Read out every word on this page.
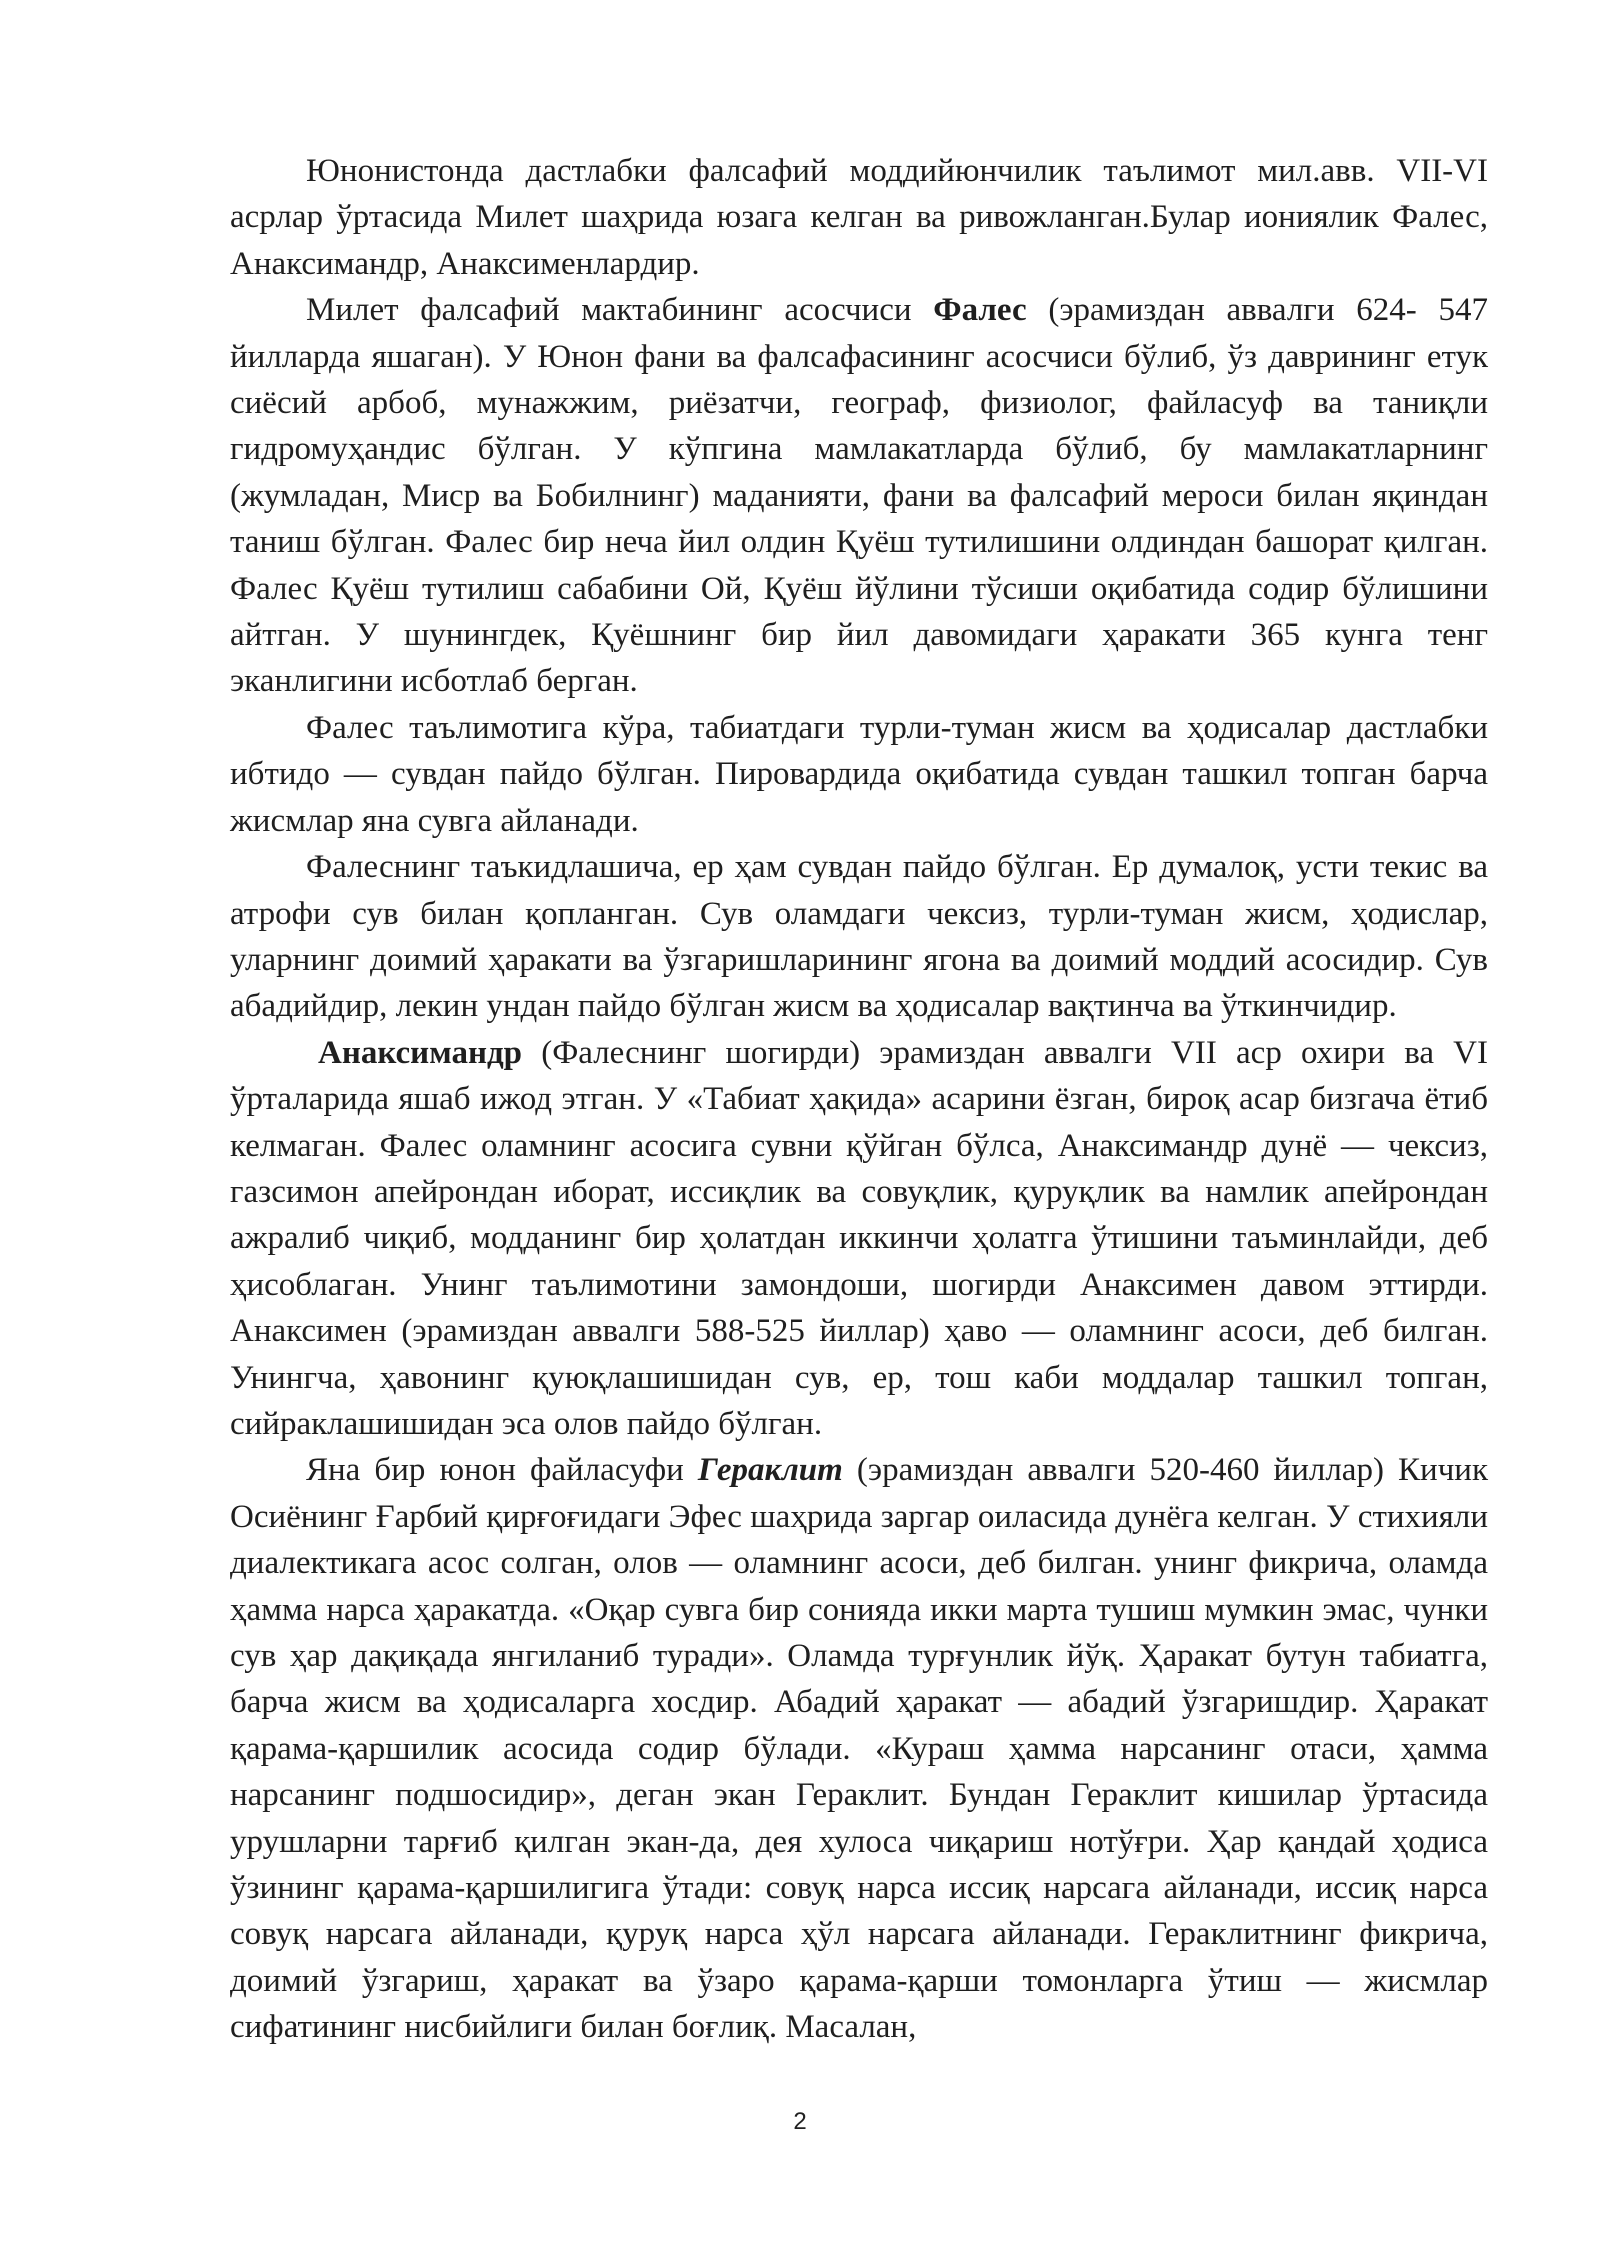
Юнонистонда дастлабки фалсафий моддийюнчилик таълимот мил.авв. VII-VI асрлар ўртасида Милет шаҳрида юзага келган ва ривожланган.Булар иониялик Фалес, Анаксимандр, Анаксименлардир.

Милет фалсафий мактабининг асосчиси Фалес (эрамиздан аввалги 624- 547 йилларда яшаган). У Юнон фани ва фалсафасининг асосчиси бўлиб, ўз даврининг етук сиёсий арбоб, мунажжим, риёзатчи, географ, физиолог, файласуф ва таниқли гидромуҳандис бўлган. У кўпгина мамлакатларда бўлиб, бу мамлакатларнинг (жумладан, Миср ва Бобилнинг) маданияти, фани ва фалсафий мероси билан яқиндан таниш бўлган. Фалес бир неча йил олдин Қуёш тутилишини олдиндан башорат қилган. Фалес Қуёш тутилиш сабабини Ой, Қуёш йўлини тўсиши оқибатида содир бўлишини айтган. У шунингдек, Қуёшнинг бир йил давомидаги ҳаракати 365 кунга тенг эканлигини исботлаб берган.

Фалес таълимотига кўра, табиатдаги турли-туман жисм ва ҳодисалар дастлабки ибтидо — сувдан пайдо бўлган. Пировардида оқибатида сувдан ташкил топган барча жисмлар яна сувга айланади.

Фалеснинг таъкидлашича, ер ҳам сувдан пайдо бўлган. Ер думалоқ, усти текис ва атрофи сув билан қопланган. Сув оламдаги чексиз, турли-туман жисм, ҳодислар, уларнинг доимий ҳаракати ва ўзгаришларининг ягона ва доимий моддий асосидир. Сув абадийдир, лекин ундан пайдо бўлган жисм ва ҳодисалар вақтинча ва ўткинчидир.

Анаксимандр (Фалеснинг шогирди) эрамиздан аввалги VII аср охири ва VI ўрталарида яшаб ижод этган. У «Табиат ҳақида» асарини ёзган, бироқ асар бизгача ётиб келмаган. Фалес оламнинг асосига сувни қўйган бўлса, Анаксимандр дунё — чексиз, газсимон апейрондан иборат, иссиқлик ва совуқлик, қуруқлик ва намлик апейрондан ажралиб чиқиб, модданинг бир ҳолатдан иккинчи ҳолатга ўтишини таъминлайди, деб ҳисоблаган. Унинг таълимотини замондоши, шогирди Анаксимен давом эттирди. Анаксимен (эрамиздан аввалги 588-525 йиллар) ҳаво — оламнинг асоси, деб билган. Унингча, ҳавонинг қуюқлашишидан сув, ер, тош каби моддалар ташкил топган, сийраклашишидан эса олов пайдо бўлган.

Яна бир юнон файласуфи Гераклит (эрамиздан аввалги 520-460 йиллар) Кичик Осиёнинг Ғарбий қирғоғидаги Эфес шаҳрида заргар оиласида дунёга келган. У стихияли диалектикага асос солган, олов — оламнинг асоси, деб билган. унинг фикрича, оламда ҳамма нарса ҳаракатда. «Оқар сувга бир сонияда икки марта тушиш мумкин эмас, чунки сув ҳар дақиқада янгиланиб туради». Оламда турғунлик йўқ. Ҳаракат бутун табиатга, барча жисм ва ҳодисаларга хосдир. Абадий ҳаракат — абадий ўзгаришдир. Ҳаракат қарама-қаршилик асосида содир бўлади. «Кураш ҳамма нарсанинг отаси, ҳамма нарсанинг подшосидир», деган экан Гераклит. Бундан Гераклит кишилар ўртасида урушларни тарғиб қилган экан-да, дея хулоса чиқариш нотўғри. Ҳар қандай ҳодиса ўзининг қарама-қаршилигига ўтади: совуқ нарса иссиқ нарсага айланади, иссиқ нарса совуқ нарсага айланади, қуруқ нарса ҳўл нарсага айланади. Гераклитнинг фикрича, доимий ўзгариш, ҳаракат ва ўзаро қарама-қарши томонларга ўтиш — жисмлар сифатининг нисбийлиги билан боғлиқ. Масалан,

2
